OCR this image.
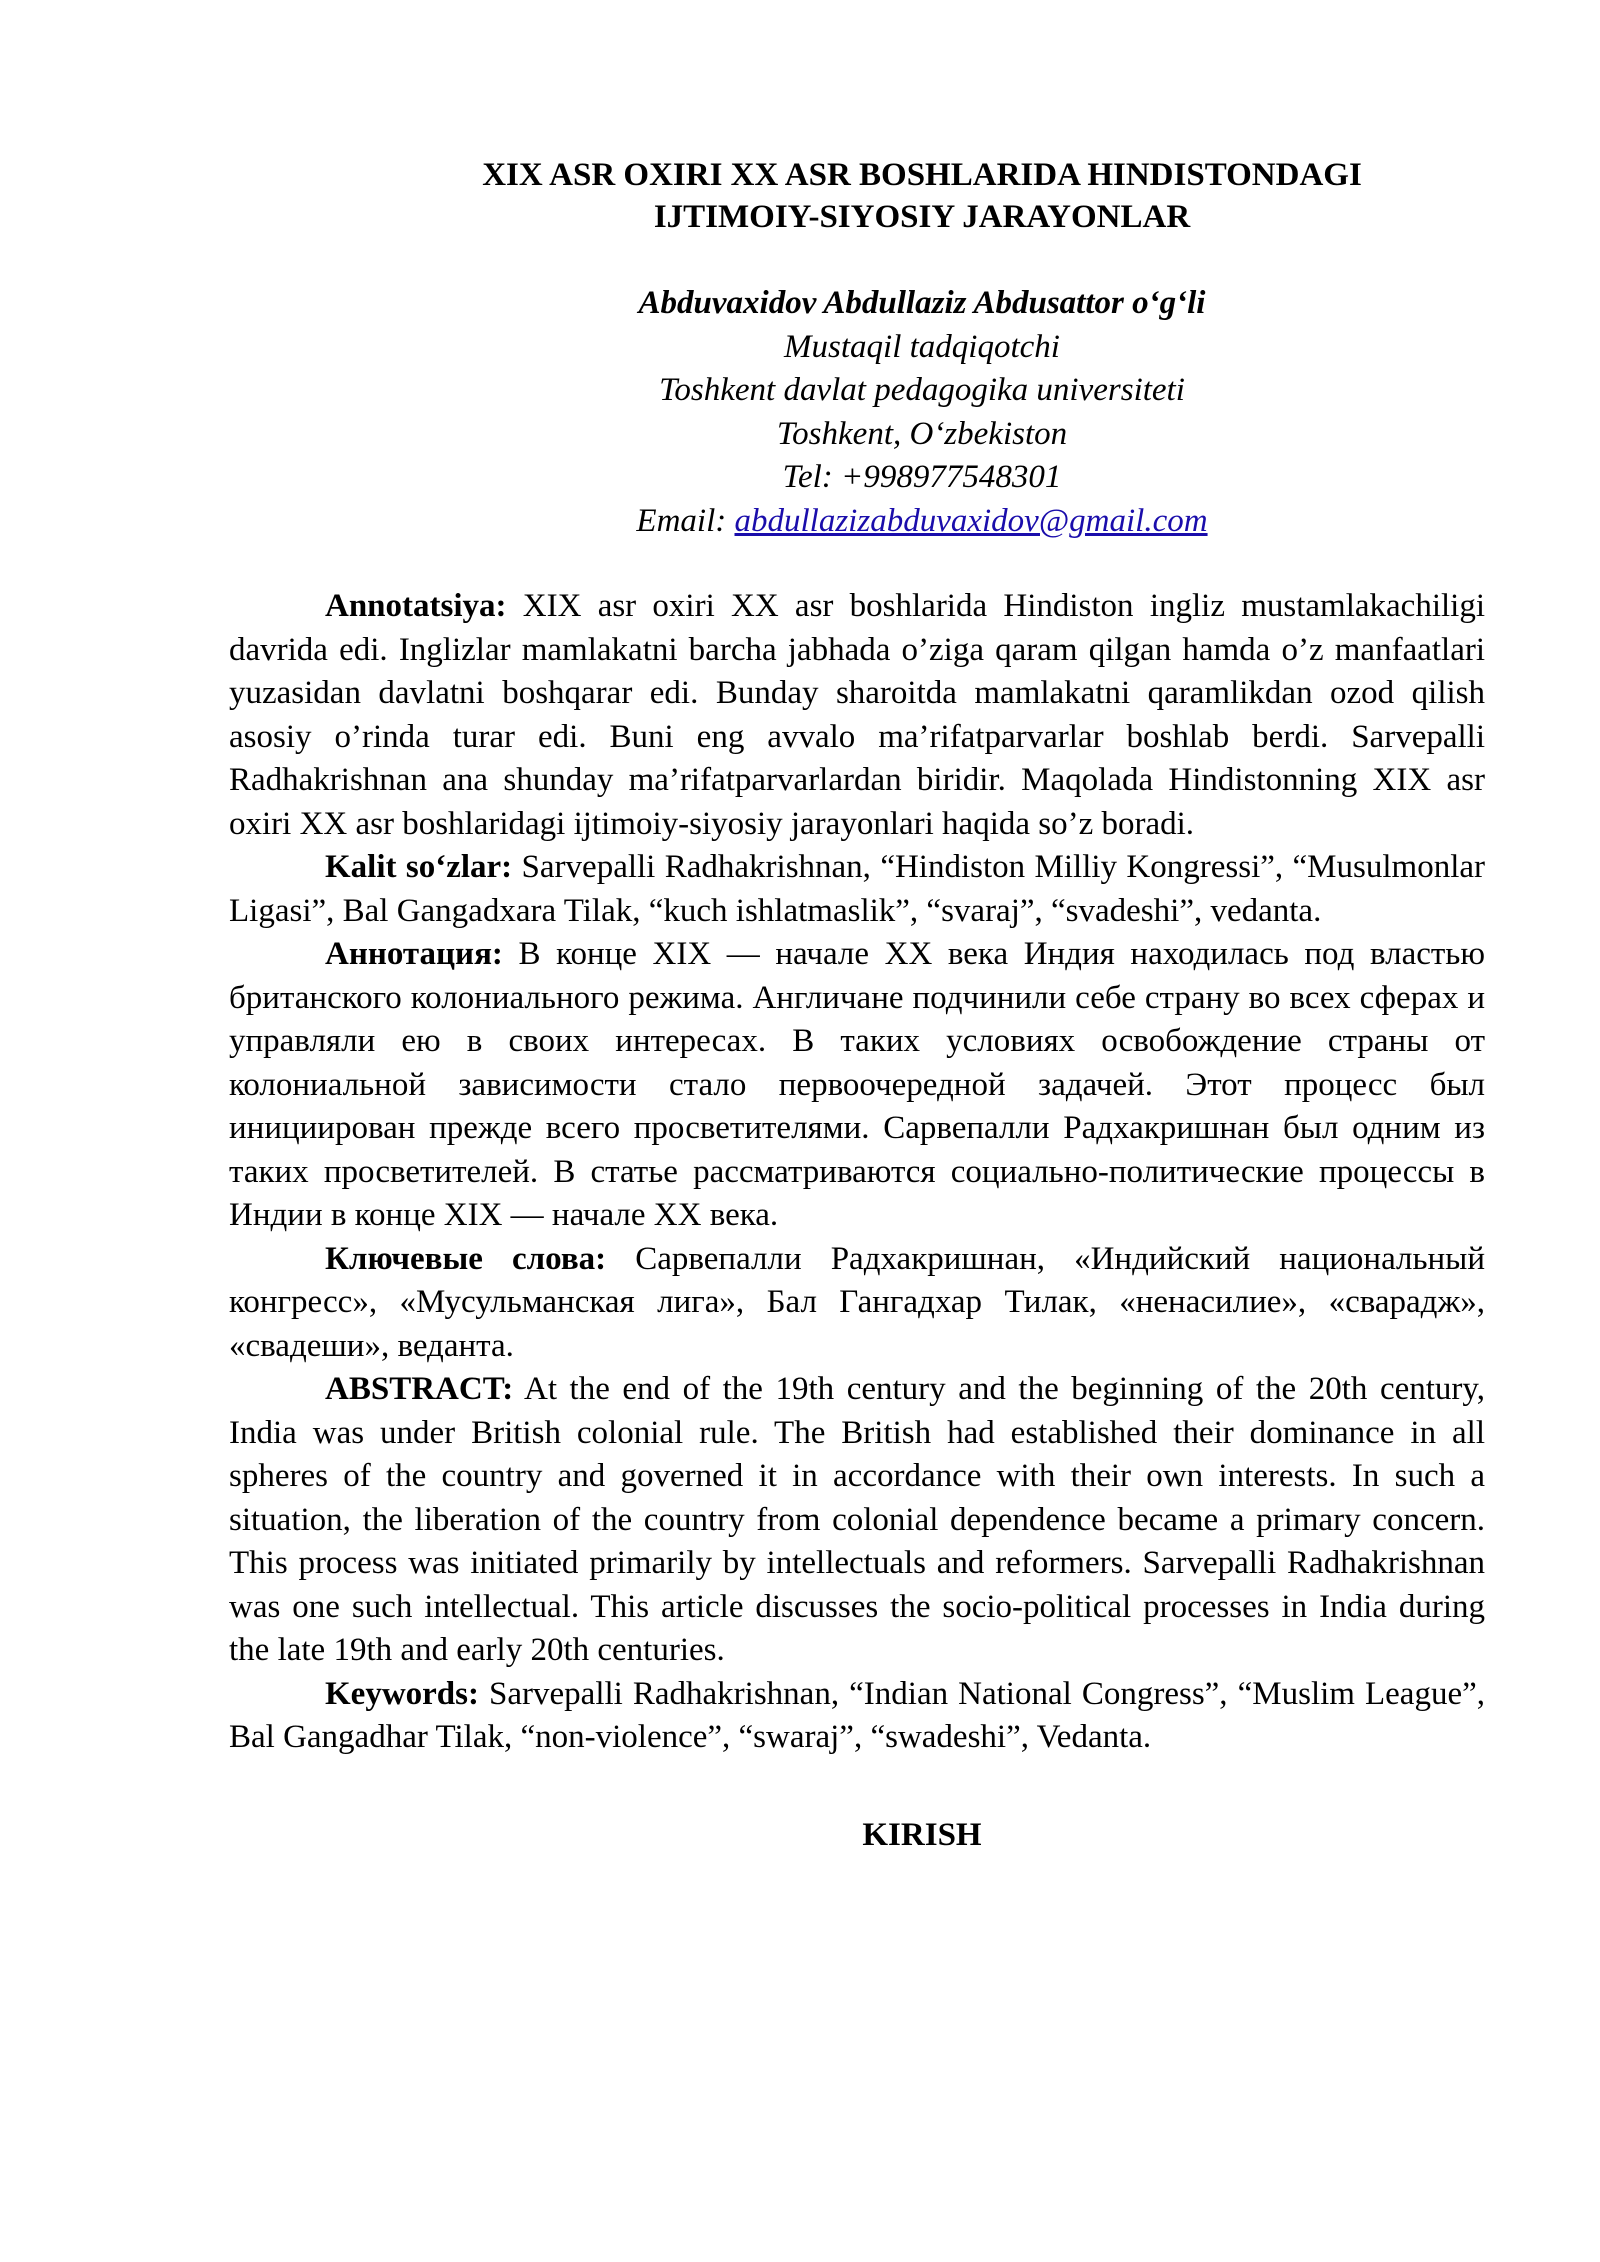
XIX ASR OXIRI XX ASR BOSHLARIDA HINDISTONDAGI
IJTIMOIY-SIYOSIY JARAYONLAR
Abduvaxidov Abdullaziz Abdusattor o‘g‘li
Mustaqil tadqiqotchi
Toshkent davlat pedagogika universiteti
Toshkent, O‘zbekiston
Tel: +998977548301
Email: abdullazizabduvaxidov@gmail.com

Annotatsiya: XIX asr oxiri XX asr boshlarida Hindiston ingliz mustamlakachiligi davrida edi. Inglizlar mamlakatni barcha jabhada o’ziga qaram qilgan hamda o’z manfaatlari yuzasidan davlatni boshqarar edi. Bunday sharoitda mamlakatni qaramlikdan ozod qilish asosiy o’rinda turar edi. Buni eng avvalo ma’rifatparvarlar boshlab berdi. Sarvepalli Radhakrishnan ana shunday ma’rifatparvarlardan biridir. Maqolada Hindistonning XIX asr oxiri XX asr boshlaridagi ijtimoiy-siyosiy jarayonlari haqida so’z boradi.

Kalit so‘zlar: Sarvepalli Radhakrishnan, “Hindiston Milliy Kongressi”, “Musulmonlar Ligasi”, Bal Gangadxara Tilak, “kuch ishlatmaslik”, “svaraj”, “svadeshi”, vedanta.

Аннотация: В конце XIX — начале XX века Индия находилась под властью британского колониального режима. Англичане подчинили себе страну во всех сферах и управляли ею в своих интересах. В таких условиях освобождение страны от колониальной зависимости стало первоочередной задачей. Этот процесс был инициирован прежде всего просветителями. Сарвепалли Радхакришнан был одним из таких просветителей. В статье рассматриваются социально-политические процессы в Индии в конце XIX — начале XX века.

Ключевые слова: Сарвепалли Радхакришнан, «Индийский национальный конгресс», «Мусульманская лига», Бал Гангадхар Тилак, «ненасилие», «сварадж», «свадеши», веданта.

ABSTRACT: At the end of the 19th century and the beginning of the 20th century, India was under British colonial rule. The British had established their dominance in all spheres of the country and governed it in accordance with their own interests. In such a situation, the liberation of the country from colonial dependence became a primary concern. This process was initiated primarily by intellectuals and reformers. Sarvepalli Radhakrishnan was one such intellectual. This article discusses the socio-political processes in India during the late 19th and early 20th centuries.

Keywords: Sarvepalli Radhakrishnan, “Indian National Congress”, “Muslim League”, Bal Gangadhar Tilak, “non-violence”, “swaraj”, “swadeshi”, Vedanta.

KIRISH
